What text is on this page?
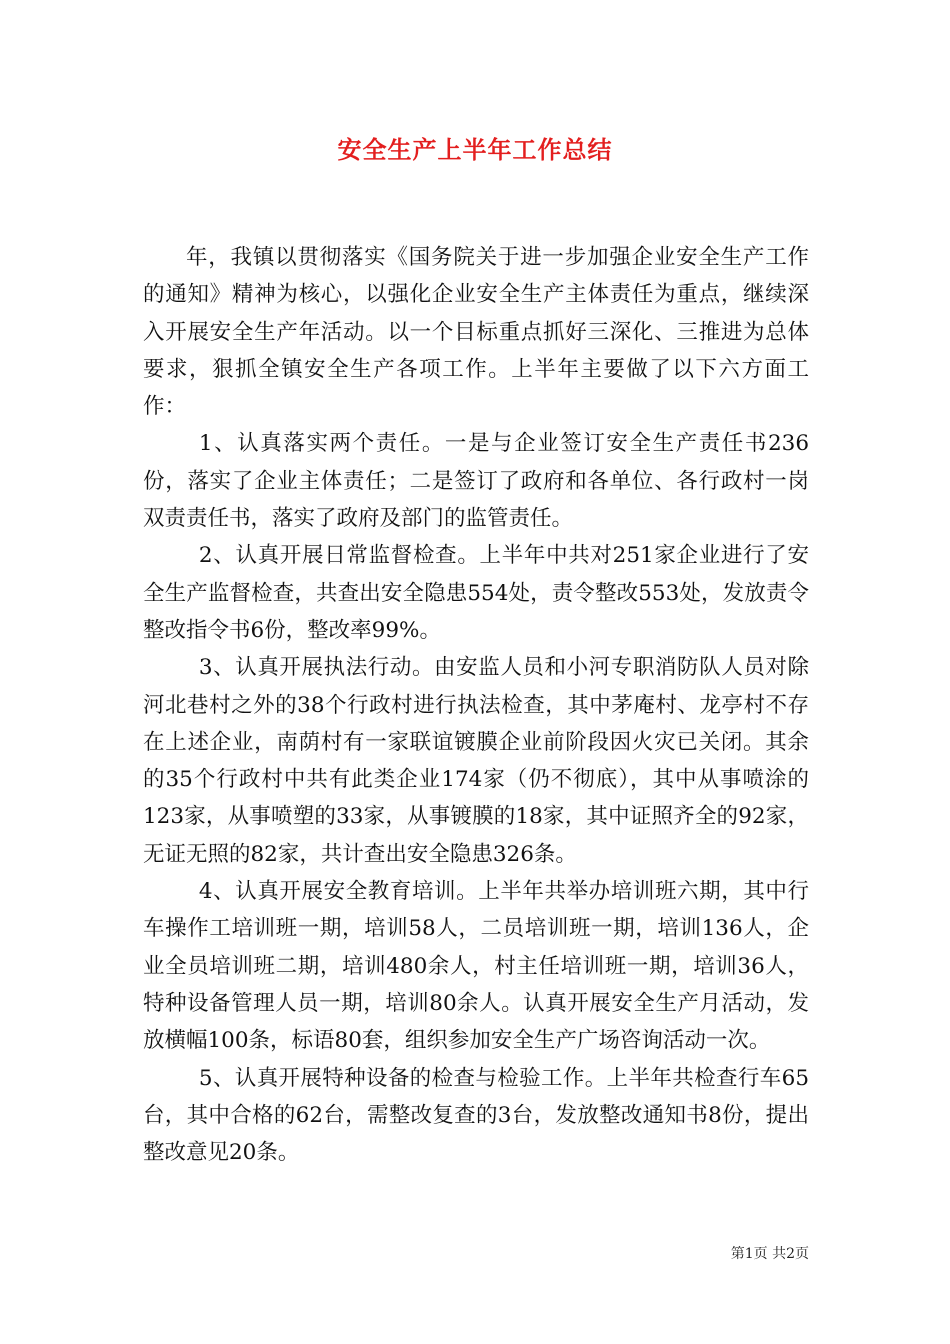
安全生产上半年工作总结

年，我镇以贯彻落实《国务院关于进一步加强企业安全生产工作的通知》精神为核心，以强化企业安全生产主体责任为重点，继续深入开展安全生产年活动。以一个目标重点抓好三深化、三推进为总体要求，狠抓全镇安全生产各项工作。上半年主要做了以下六方面工作：

1、认真落实两个责任。一是与企业签订安全生产责任书236份，落实了企业主体责任；二是签订了政府和各单位、各行政村一岗双责责任书，落实了政府及部门的监管责任。

2、认真开展日常监督检查。上半年中共对251家企业进行了安全生产监督检查，共查出安全隐患554处，责令整改553处，发放责令整改指令书6份，整改率99%。

3、认真开展执法行动。由安监人员和小河专职消防队人员对除河北巷村之外的38个行政村进行执法检查，其中茅庵村、龙亭村不存在上述企业，南荫村有一家联谊镀膜企业前阶段因火灾已关闭。其余的35个行政村中共有此类企业174家（仍不彻底），其中从事喷涂的123家，从事喷塑的33家，从事镀膜的18家，其中证照齐全的92家，无证无照的82家，共计查出安全隐患326条。

4、认真开展安全教育培训。上半年共举办培训班六期，其中行车操作工培训班一期，培训58人，二员培训班一期，培训136人，企业全员培训班二期，培训480余人，村主任培训班一期，培训36人，特种设备管理人员一期，培训80余人。认真开展安全生产月活动，发放横幅100条，标语80套，组织参加安全生产广场咨询活动一次。

5、认真开展特种设备的检查与检验工作。上半年共检查行车65台，其中合格的62台，需整改复查的3台，发放整改通知书8份，提出整改意见20条。

第1页 共2页
